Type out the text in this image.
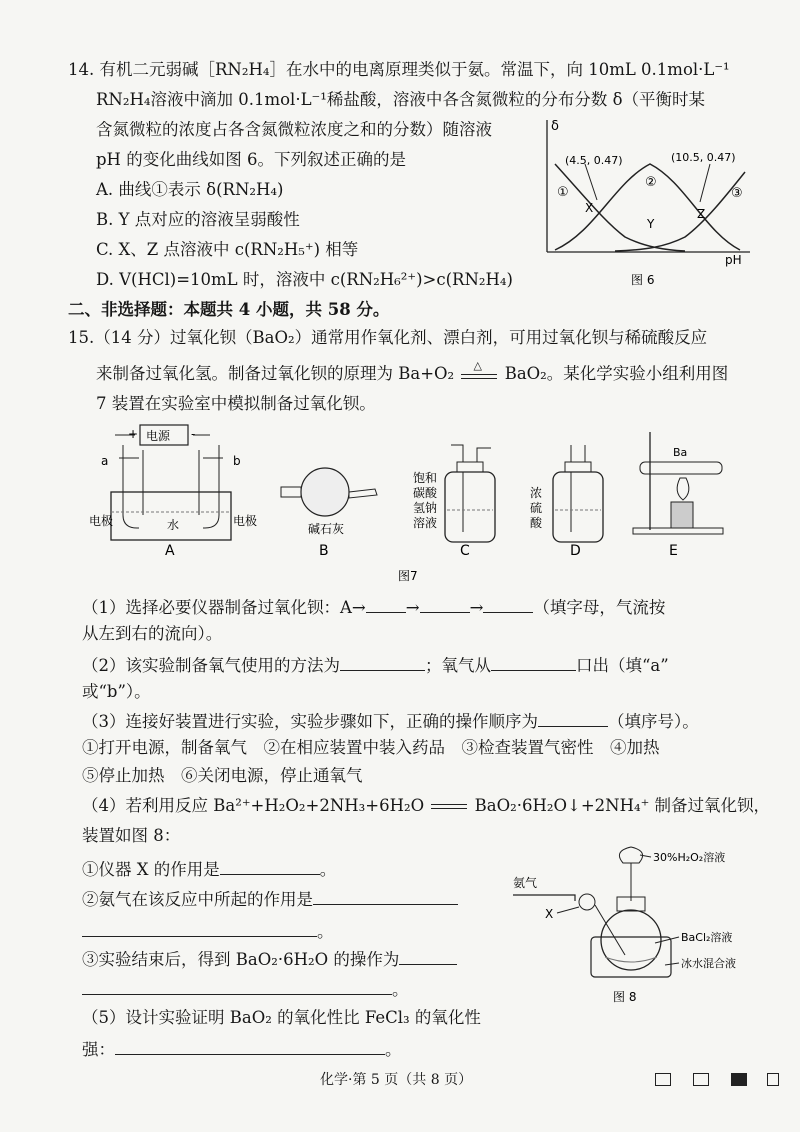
14. 有机二元弱碱［RN₂H₄］在水中的电离原理类似于氨。常温下，向 10mL 0.1mol·L⁻¹
RN₂H₄溶液中滴加 0.1mol·L⁻¹稀盐酸，溶液中各含氮微粒的分布分数 δ（平衡时某
含氮微粒的浓度占各含氮微粒浓度之和的分数）随溶液
pH 的变化曲线如图 6。下列叙述正确的是
A. 曲线①表示 δ(RN₂H₄)
B. Y 点对应的溶液呈弱酸性
C. X、Z 点溶液中 c(RN₂H₅⁺) 相等
D. V(HCl)=10mL 时，溶液中 c(RN₂H₆²⁺)>c(RN₂H₄)
δ
pH
(4.5, 0.47)	(10.5, 0.47)
①
②
③
X
Y
Z
图 6
二、非选择题：本题共 4 小题，共 58 分。
15.（14 分）过氧化钡（BaO₂）通常用作氧化剂、漂白剂，可用过氧化钡与稀硫酸反应
来制备过氧化氢。制备过氧化钡的原理为 Ba+O₂ △ BaO₂。某化学实验小组利用图
7 装置在实验室中模拟制备过氧化钡。
电源
+	-
a	b
水
电极	电极
A
碱石灰
B
饱和
碳酸
氢钠
溶液
C
浓
硫
酸
D
Ba
E
图7
（1）选择必要仪器制备过氧化钡：A→ →	→	（填字母，气流按
从左到右的流向）。
（2）该实验制备氧气使用的方法为	；氧气从	口出（填“a”
或“b”）。
（3）连接好装置进行实验，实验步骤如下，正确的操作顺序为	（填序号）。
①打开电源，制备氧气　②在相应装置中装入药品　③检查装置气密性　④加热
⑤停止加热　⑥关闭电源，停止通氧气
（4）若利用反应 Ba²⁺+H₂O₂+2NH₃+6H₂O	BaO₂·6H₂O↓+2NH₄⁺ 制备过氧化钡，
装置如图 8：
①仪器 X 的作用是	。
②氨气在该反应中所起的作用是
。
③实验结束后，得到 BaO₂·6H₂O 的操作为
。
氨气
X
30%H₂O₂溶液
BaCl₂溶液
冰水混合液
图 8
（5）设计实验证明 BaO₂ 的氧化性比 FeCl₃ 的氧化性
强：	。
化学·第 5 页（共 8 页）
